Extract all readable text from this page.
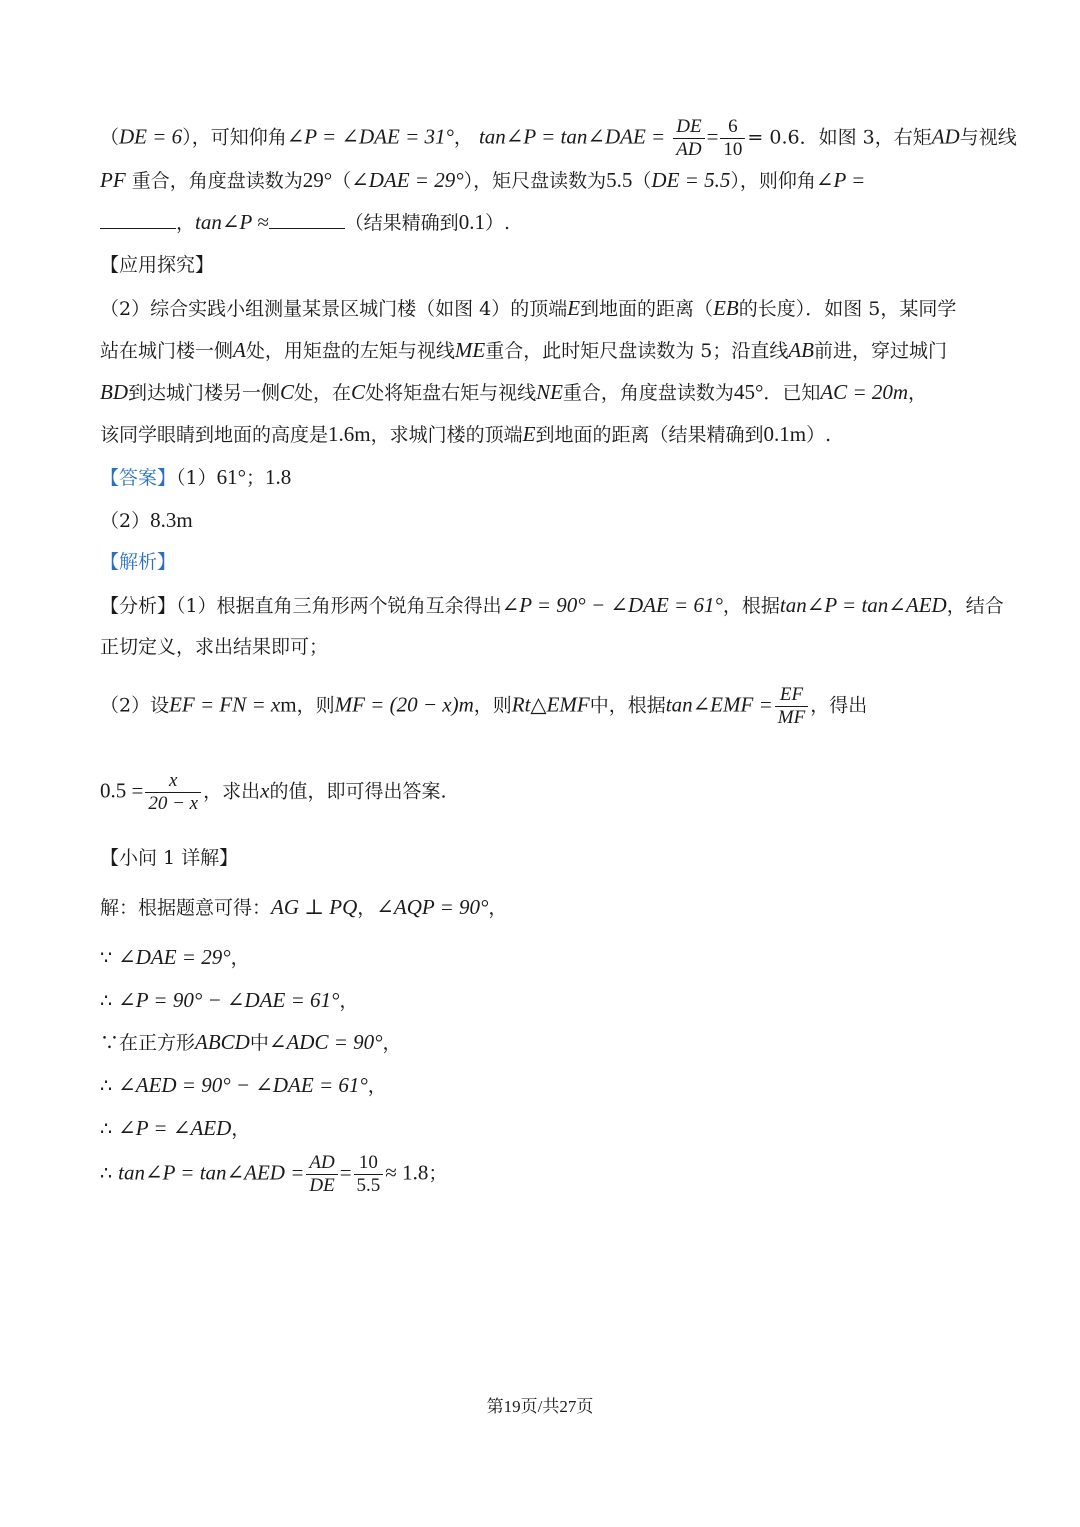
（DE = 6），可知仰角∠P = ∠DAE = 31°， tan∠P = tan∠DAE = $\frac{DE}{AD} = \frac{6}{10} = 0.6$．如图 3，右矩AD与视线
PF 重合，角度盘读数为29°（∠DAE = 29°），矩尺盘读数为5.5（DE = 5.5），则仰角∠P =
，tan∠P ≈	（结果精确到0.1）.
【应用探究】
（2）综合实践小组测量某景区城门楼（如图 4）的顶端E到地面的距离（EB的长度）．如图 5，某同学
站在城门楼一侧A处，用矩盘的左矩与视线ME重合，此时矩尺盘读数为 5；沿直线AB前进，穿过城门
BD到达城门楼另一侧C处，在C处将矩盘右矩与视线NE重合，角度盘读数为45°．已知AC = 20m，
该同学眼睛到地面的高度是1.6m，求城门楼的顶端E到地面的距离（结果精确到0.1m）.
【答案】（1）61°；1.8
（2）8.3m
【解析】
【分析】（1）根据直角三角形两个锐角互余得出∠P = 90° − ∠DAE = 61°，根据tan∠P = tan∠AED，结合
正切定义，求出结果即可；
（2）设EF = FN = xm，则MF = (20 − x)m，则Rt△EMF中，根据tan∠EMF = $\frac{EF}{MF}$ ，得出
$0.5 = \frac{x}{20 - x}$ ，求出x的值，即可得出答案.
【小问 1 详解】
解：根据题意可得：AG ⊥ PQ，∠AQP = 90°，
∵ ∠DAE = 29°，
∴ ∠P = 90° − ∠DAE = 61°，
∵在正方形ABCD中∠ADC = 90°，
∴ ∠AED = 90° − ∠DAE = 61°，
∴ ∠P = ∠AED，
∴ tan∠P = tan∠AED = $\frac{AD}{DE} = \frac{10}{5.5} \approx 1.8$；
第19页/共27页
